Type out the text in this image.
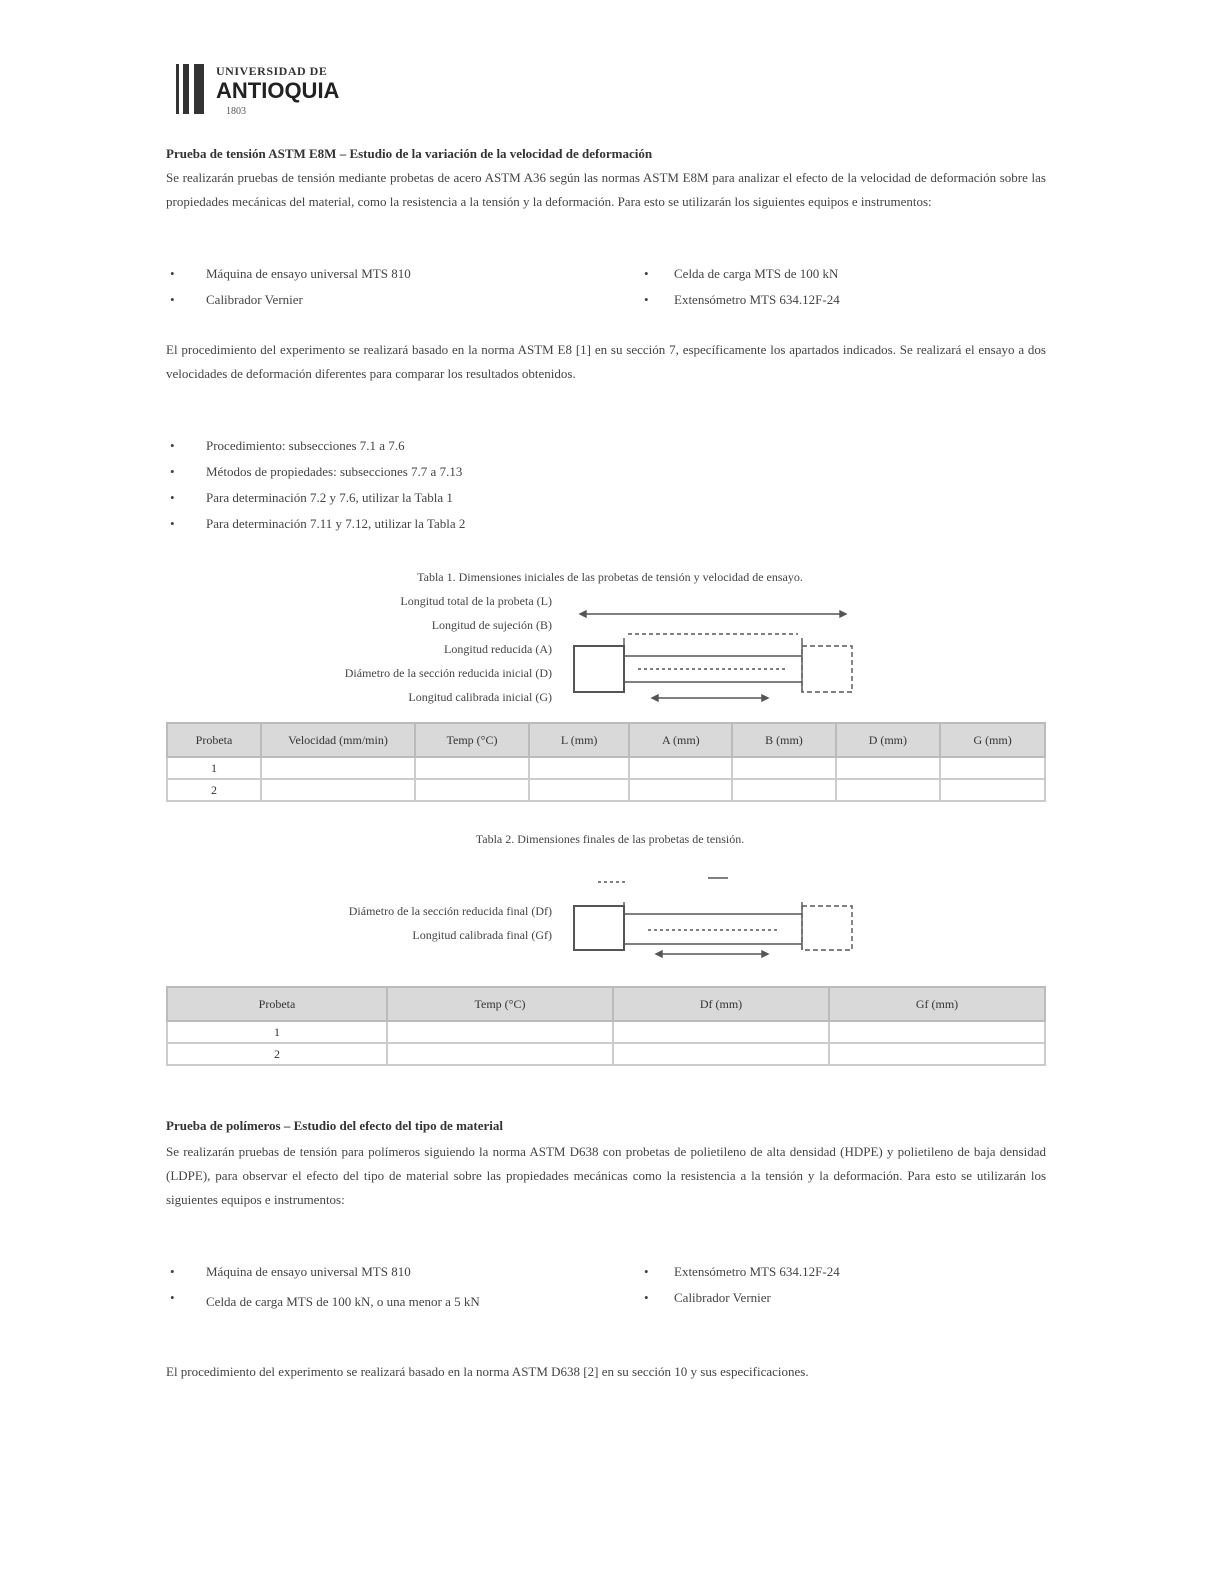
UNIVERSIDAD DE
ANTIOQUIA
1803
Prueba de tensión ASTM E8M – Estudio de la variación de la velocidad de deformación
Se realizarán pruebas de tensión mediante probetas de acero ASTM A36 según las normas ASTM E8M para analizar el efecto de la velocidad de deformación sobre las propiedades mecánicas del material, como la resistencia a la tensión y la deformación. Para esto se utilizarán los siguientes equipos e instrumentos:
• Máquina de ensayo universal MTS 810	• Celda de carga MTS de 100 kN
• Calibrador Vernier	• Extensómetro MTS 634.12F-24
El procedimiento del experimento se realizará basado en la norma ASTM E8 [1] en su sección 7, específicamente los apartados indicados. Se realizará el ensayo a dos velocidades de deformación diferentes para comparar los resultados obtenidos.
• Procedimiento: subsecciones 7.1 a 7.6
• Métodos de propiedades: subsecciones 7.7 a 7.13
• Para determinación 7.2 y 7.6, utilizar la Tabla 1
• Para determinación 7.11 y 7.12, utilizar la Tabla 2
Tabla 1. Dimensiones iniciales de las probetas de tensión y velocidad de ensayo.
Longitud total de la probeta (L)
Longitud de sujeción (B)
Longitud reducida (A)
Diámetro de la sección reducida inicial (D)
Longitud calibrada inicial (G)
Probeta	Velocidad (mm/min)	Temp (°C)	L (mm)	A (mm)	B (mm)	D (mm)	G (mm)
1							
2							
Tabla 2. Dimensiones finales de las probetas de tensión.
Diámetro de la sección reducida final (Df)
Longitud calibrada final (Gf)
Probeta	Temp (°C)	Df (mm)	Gf (mm)
1			
2			
Prueba de polímeros – Estudio del efecto del tipo de material
Se realizarán pruebas de tensión para polímeros siguiendo la norma ASTM D638 con probetas de polietileno de alta densidad (HDPE) y polietileno de baja densidad (LDPE), para observar el efecto del tipo de material sobre las propiedades mecánicas como la resistencia a la tensión y la deformación. Para esto se utilizarán los siguientes equipos e instrumentos:
• Máquina de ensayo universal MTS 810	• Extensómetro MTS 634.12F-24
• Celda de carga MTS de 100 kN, o una menor a 5 kN	• Calibrador Vernier
El procedimiento del experimento se realizará basado en la norma ASTM D638 [2] en su sección 10 y sus especificaciones.
